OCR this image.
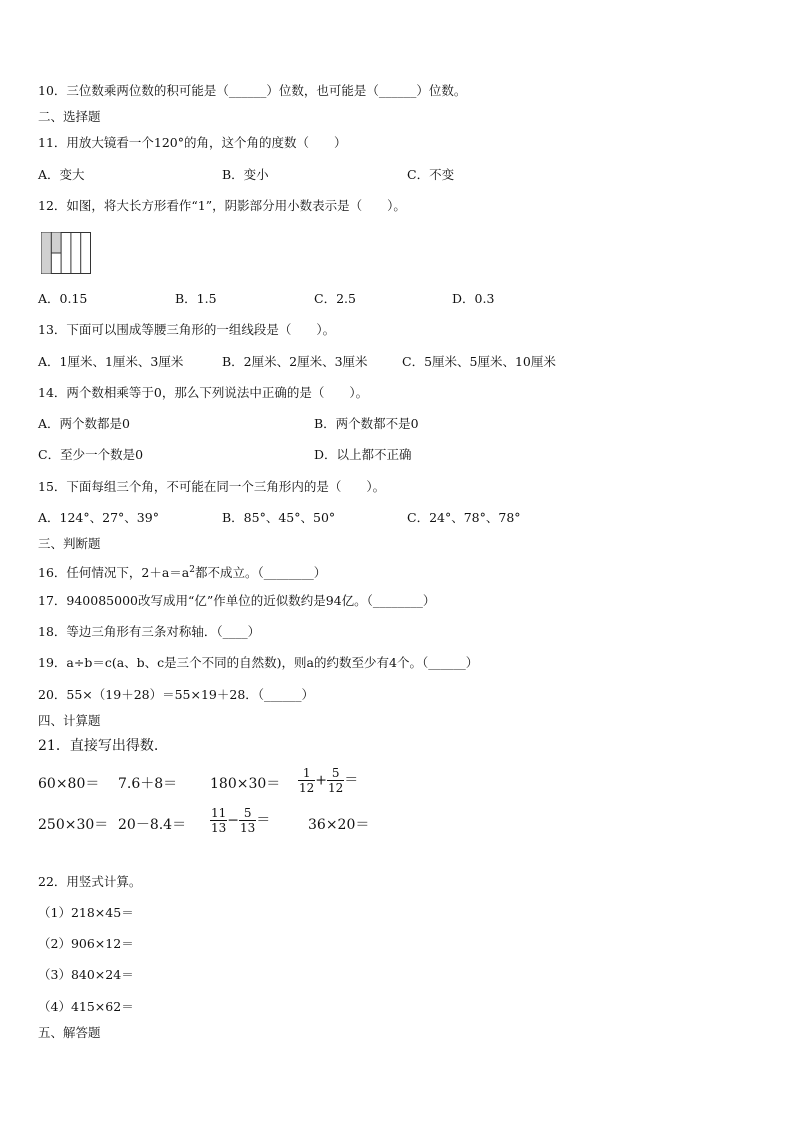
10．三位数乘两位数的积可能是（______）位数，也可能是（______）位数。
二、选择题
11．用放大镜看一个120°的角，这个角的度数（　　）
A．变大	B．变小	C．不变
12．如图，将大长方形看作“1”，阴影部分用小数表示是（　　）。
A．0.15	B．1.5	C．2.5	D．0.3
13．下面可以围成等腰三角形的一组线段是（　　）。
A．1厘米、1厘米、3厘米	B．2厘米、2厘米、3厘米	C．5厘米、5厘米、10厘米
14．两个数相乘等于0，那么下列说法中正确的是（　　）。
A．两个数都是0	B．两个数都不是0
C．至少一个数是0	D．以上都不正确
15．下面每组三个角，不可能在同一个三角形内的是（　　）。
A．124°、27°、39°	B．85°、45°、50°	C．24°、78°、78°
三、判断题
16．任何情况下，$2+a=a^2$都不成立。（________）
17．940085000改写成用“亿”作单位的近似数约是94亿。（________）
18．等边三角形有三条对称轴．（____）
19．a÷b＝c(a、b、c是三个不同的自然数)，则a的约数至少有4个。（______）
20．55×（19＋28）＝55×19＋28．（______）
四、计算题
21．直接写出得数.
$60\times 80= 7.6+8= 180\times 30= \frac{1}{12} + \frac{5}{12}$ ＝
$250\times 30= 20-8.4= \frac{11}{13} - \frac{5}{13}$ ＝	36×20＝
22．用竖式计算。
（1）218×45＝
（2）906×12＝
（3）840×24＝
（4）415×62＝
五、解答题
